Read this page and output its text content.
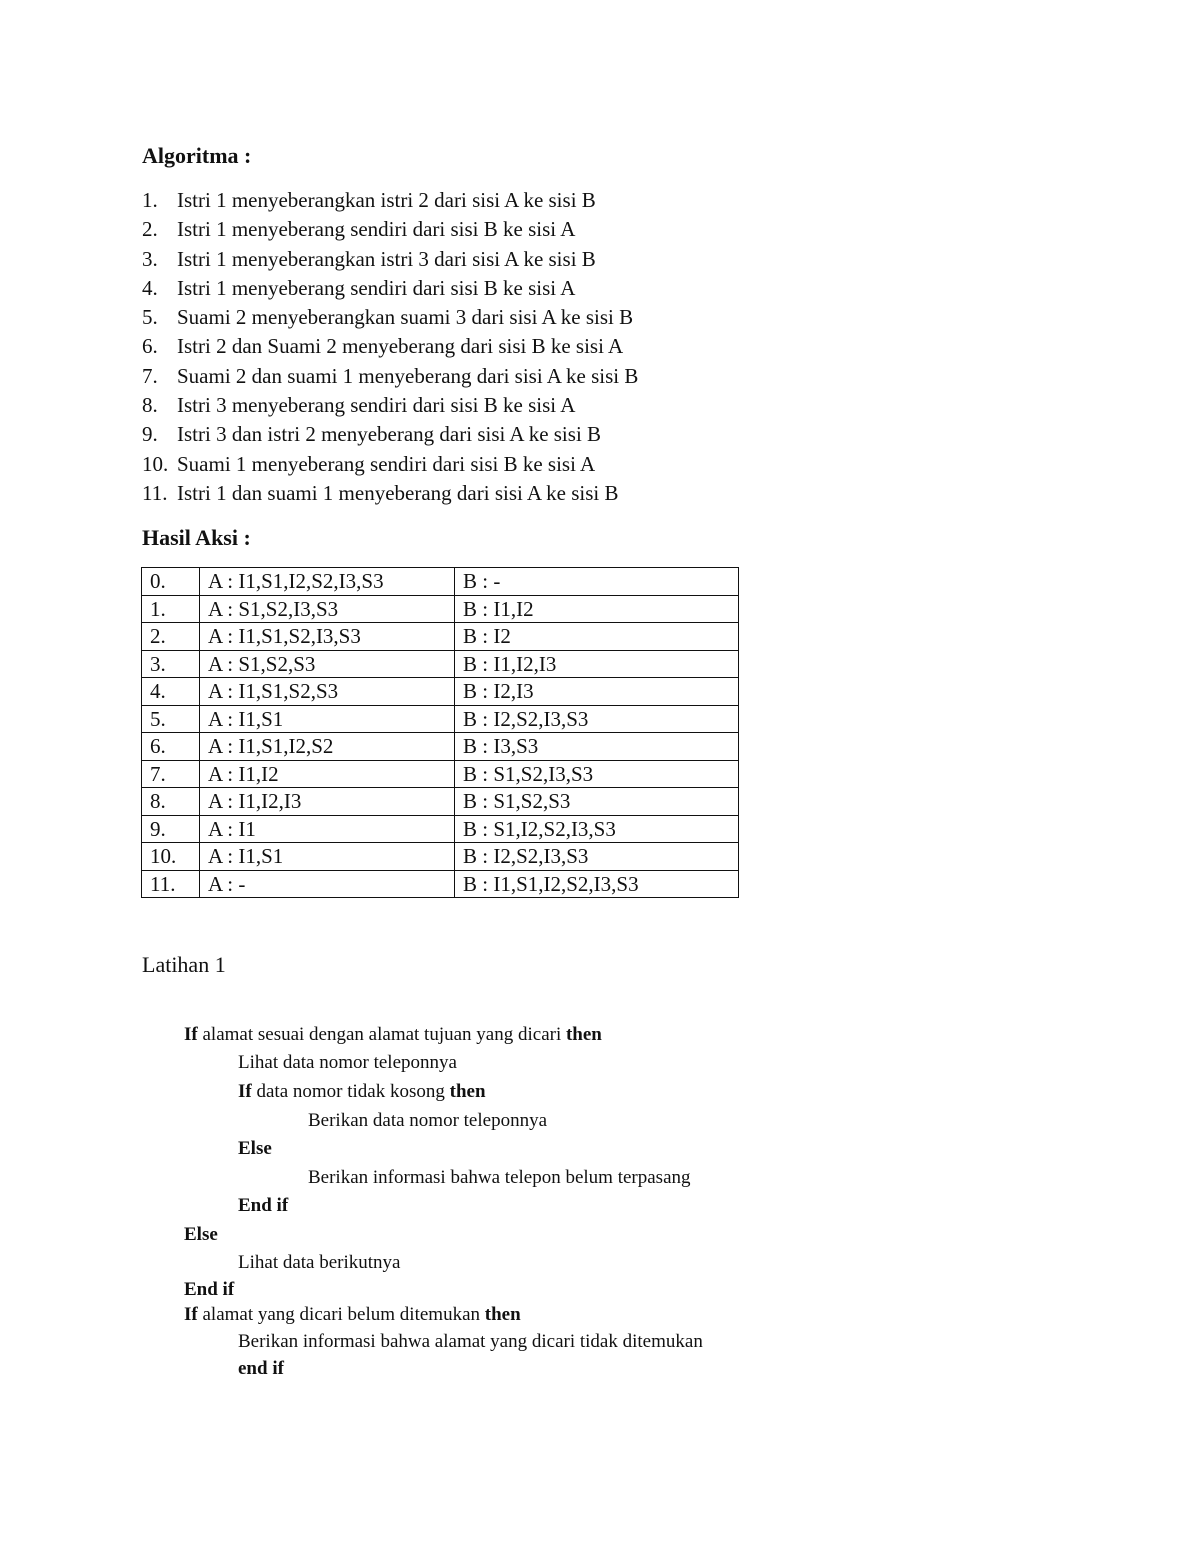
Algoritma :
1. Istri 1 menyeberangkan istri 2 dari sisi A ke sisi B
2. Istri 1 menyeberang sendiri dari sisi B ke sisi A
3. Istri 1 menyeberangkan istri 3 dari sisi A ke sisi B
4. Istri 1 menyeberang sendiri dari sisi B ke sisi A
5. Suami 2 menyeberangkan suami 3 dari sisi A ke sisi B
6. Istri 2 dan Suami 2 menyeberang dari sisi B ke sisi A
7. Suami 2 dan suami 1 menyeberang dari sisi A ke sisi B
8. Istri 3 menyeberang sendiri dari sisi B ke sisi A
9. Istri 3 dan istri 2 menyeberang dari sisi A ke sisi B
10. Suami 1 menyeberang sendiri dari sisi B ke sisi A
11. Istri 1 dan suami 1 menyeberang dari sisi A ke sisi B
Hasil Aksi :
0.	A : I1,S1,I2,S2,I3,S3	B : -
1.	A : S1,S2,I3,S3	B : I1,I2
2.	A : I1,S1,S2,I3,S3	B : I2
3.	A : S1,S2,S3	B : I1,I2,I3
4.	A : I1,S1,S2,S3	B : I2,I3
5.	A : I1,S1	B : I2,S2,I3,S3
6.	A : I1,S1,I2,S2	B : I3,S3
7.	A : I1,I2	B : S1,S2,I3,S3
8.	A : I1,I2,I3	B : S1,S2,S3
9.	A : I1	B : S1,I2,S2,I3,S3
10.	A : I1,S1	B : I2,S2,I3,S3
11.	A : -	B : I1,S1,I2,S2,I3,S3
Latihan 1
If alamat sesuai dengan alamat tujuan yang dicari then
Lihat data nomor teleponnya
If data nomor tidak kosong then
Berikan data nomor teleponnya
Else
Berikan informasi bahwa telepon belum terpasang
End if
Else
Lihat data berikutnya
End if
If alamat yang dicari belum ditemukan then
Berikan informasi bahwa alamat yang dicari tidak ditemukan
end if
